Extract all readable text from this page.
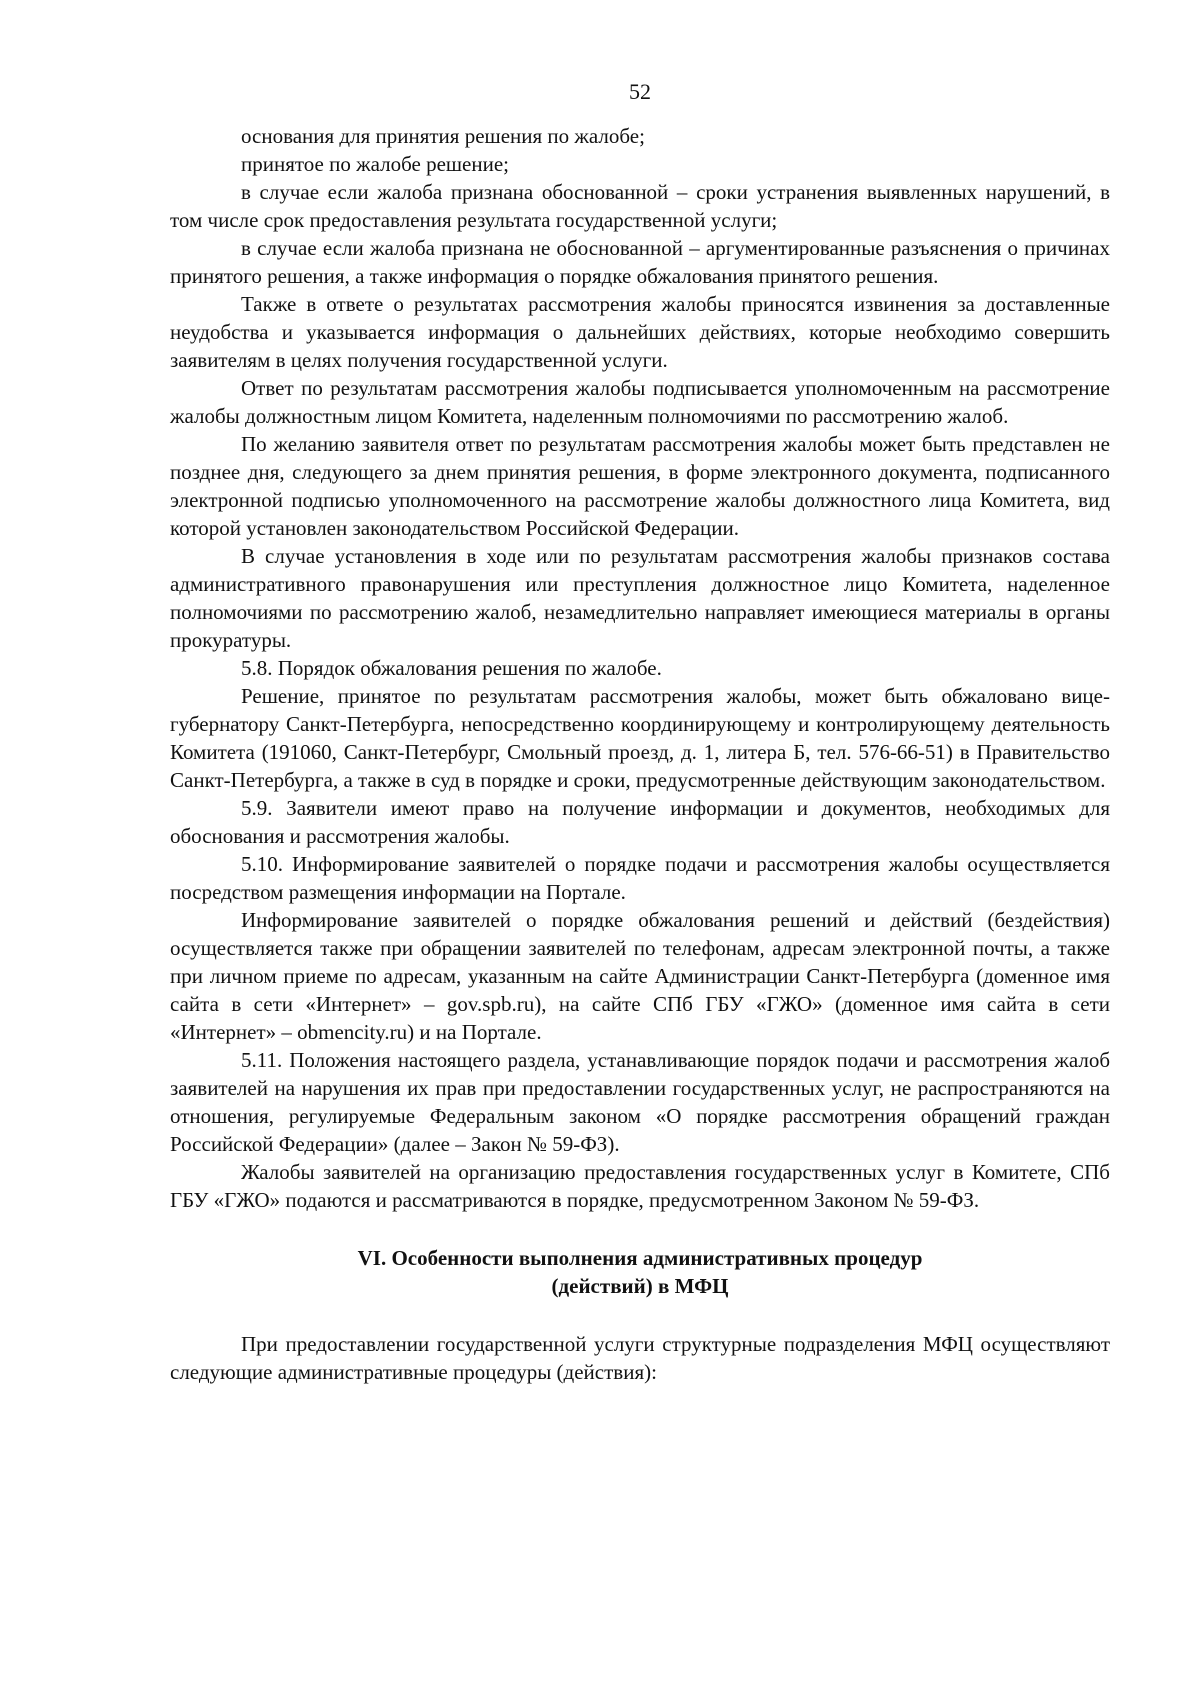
52

основания для принятия решения по жалобе;

принятое по жалобе решение;

в случае если жалоба признана обоснованной – сроки устранения выявленных нарушений, в том числе срок предоставления результата государственной услуги;

в случае если жалоба признана не обоснованной – аргументированные разъяснения о причинах принятого решения, а также информация о порядке обжалования принятого решения.

Также в ответе о результатах рассмотрения жалобы приносятся извинения за доставленные неудобства и указывается информация о дальнейших действиях, которые необходимо совершить заявителям в целях получения государственной услуги.

Ответ по результатам рассмотрения жалобы подписывается уполномоченным на рассмотрение жалобы должностным лицом Комитета, наделенным полномочиями по рассмотрению жалоб.

По желанию заявителя ответ по результатам рассмотрения жалобы может быть представлен не позднее дня, следующего за днем принятия решения, в форме электронного документа, подписанного электронной подписью уполномоченного на рассмотрение жалобы должностного лица Комитета, вид которой установлен законодательством Российской Федерации.

В случае установления в ходе или по результатам рассмотрения жалобы признаков состава административного правонарушения или преступления должностное лицо Комитета, наделенное полномочиями по рассмотрению жалоб, незамедлительно направляет имеющиеся материалы в органы прокуратуры.

5.8. Порядок обжалования решения по жалобе.

Решение, принятое по результатам рассмотрения жалобы, может быть обжаловано вице-губернатору Санкт-Петербурга, непосредственно координирующему и контролирующему деятельность Комитета (191060, Санкт-Петербург, Смольный проезд, д. 1, литера Б, тел. 576-66-51) в Правительство Санкт-Петербурга, а также в суд в порядке и сроки, предусмотренные действующим законодательством.

5.9. Заявители имеют право на получение информации и документов, необходимых для обоснования и рассмотрения жалобы.

5.10. Информирование заявителей о порядке подачи и рассмотрения жалобы осуществляется посредством размещения информации на Портале.

Информирование заявителей о порядке обжалования решений и действий (бездействия) осуществляется также при обращении заявителей по телефонам, адресам электронной почты, а также при личном приеме по адресам, указанным на сайте Администрации Санкт-Петербурга (доменное имя сайта в сети «Интернет» – gov.spb.ru), на сайте СПб ГБУ «ГЖО» (доменное имя сайта в сети «Интернет» – obmencity.ru) и на Портале.

5.11. Положения настоящего раздела, устанавливающие порядок подачи и рассмотрения жалоб заявителей на нарушения их прав при предоставлении государственных услуг, не распространяются на отношения, регулируемые Федеральным законом «О порядке рассмотрения обращений граждан Российской Федерации» (далее – Закон № 59-ФЗ).

Жалобы заявителей на организацию предоставления государственных услуг в Комитете, СПб ГБУ «ГЖО» подаются и рассматриваются в порядке, предусмотренном Законом № 59-ФЗ.

VI. Особенности выполнения административных процедур
(действий) в МФЦ

При предоставлении государственной услуги структурные подразделения МФЦ осуществляют следующие административные процедуры (действия):
